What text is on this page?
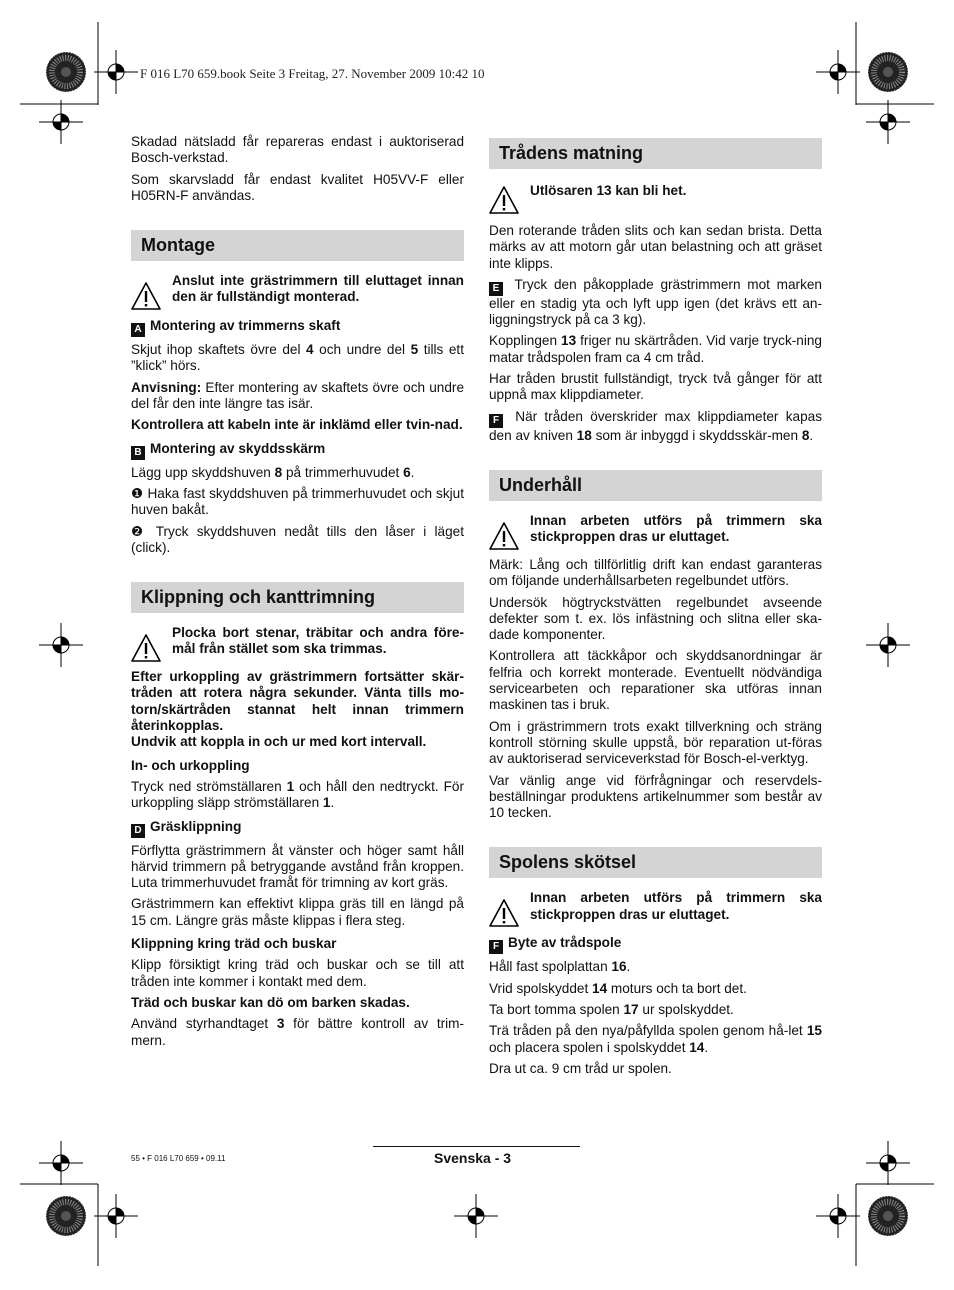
F 016 L70 659.book Seite 3 Freitag, 27. November 2009 10:42 10

Skadad nätsladd får repareras endast i auktoriserad Bosch-verkstad.

Som skarvsladd får endast kvalitet H05VV-F eller H05RN-F användas.

Montage
Anslut inte grästrimmern till eluttaget innan den är fullständigt monterad.
A Montering av trimmerns skaft

Skjut ihop skaftets övre del 4 och undre del 5 tills ett ”klick” hörs.

Anvisning: Efter montering av skaftets övre och undre del får den inte längre tas isär.

Kontrollera att kabeln inte är inklämd eller tvin-nad.

B Montering av skyddsskärm

Lägg upp skyddshuven 8 på trimmerhuvudet 6.

❶ Haka fast skyddshuven på trimmerhuvudet och skjut huven bakåt.

❷ Tryck skyddshuven nedåt tills den låser i läget (click).

Klippning och kanttrimning
Plocka bort stenar, träbitar och andra före-mål från stället som ska trimmas.

Efter urkoppling av grästrimmern fortsätter skär-tråden att rotera några sekunder. Vänta tills mo-torn/skärtråden stannat helt innan trimmern återinkopplas.

Undvik att koppla in och ur med kort intervall.

In- och urkoppling

Tryck ned strömställaren 1 och håll den nedtryckt. För urkoppling släpp strömställaren 1.

D Gräsklippning

Förflytta grästrimmern åt vänster och höger samt håll härvid trimmern på betryggande avstånd från kroppen. Luta trimmerhuvudet framåt för trimning av kort gräs.

Grästrimmern kan effektivt klippa gräs till en längd på 15 cm. Längre gräs måste klippas i flera steg.

Klippning kring träd och buskar

Klipp försiktigt kring träd och buskar och se till att tråden inte kommer i kontakt med dem.

Träd och buskar kan dö om barken skadas.

Använd styrhandtaget 3 för bättre kontroll av trim-mern.

Trådens matning
Utlösaren 13 kan bli het.

Den roterande tråden slits och kan sedan brista. Detta märks av att motorn går utan belastning och att gräset inte klipps.

E Tryck den påkopplade grästrimmern mot marken eller en stadig yta och lyft upp igen (det krävs ett an-liggningstryck på ca 3 kg).

Kopplingen 13 friger nu skärtråden. Vid varje tryck-ning matar trådspolen fram ca 4 cm tråd.

Har tråden brustit fullständigt, tryck två gånger för att uppnå max klippdiameter.

F När tråden överskrider max klippdiameter kapas den av kniven 18 som är inbyggd i skyddsskär-men 8.

Underhåll
Innan arbeten utförs på trimmern ska stickproppen dras ur eluttaget.

Märk: Lång och tillförlitlig drift kan endast garanteras om följande underhållsarbeten regelbundet utförs.

Undersök högtryckstvätten regelbundet avseende defekter som t. ex. lös infästning och slitna eller ska-dade komponenter.

Kontrollera att täckkåpor och skyddsanordningar är felfria och korrekt monterade. Eventuellt nödvändiga servicearbeten och reparationer ska utföras innan maskinen tas i bruk.

Om i grästrimmern trots exakt tillverkning och sträng kontroll störning skulle uppstå, bör reparation ut-föras av auktoriserad serviceverkstad för Bosch-el-verktyg.

Var vänlig ange vid förfrågningar och reservdels-beställningar produktens artikelnummer som består av 10 tecken.

Spolens skötsel
Innan arbeten utförs på trimmern ska stickproppen dras ur eluttaget.
F Byte av trådspole

Håll fast spolplattan 16.

Vrid spolskyddet 14 moturs och ta bort det.

Ta bort tomma spolen 17 ur spolskyddet.

Trä tråden på den nya/påfyllda spolen genom hå-let 15 och placera spolen i spolskyddet 14.

Dra ut ca. 9 cm tråd ur spolen.

Svenska - 3
55 • F 016 L70 659 • 09.11
